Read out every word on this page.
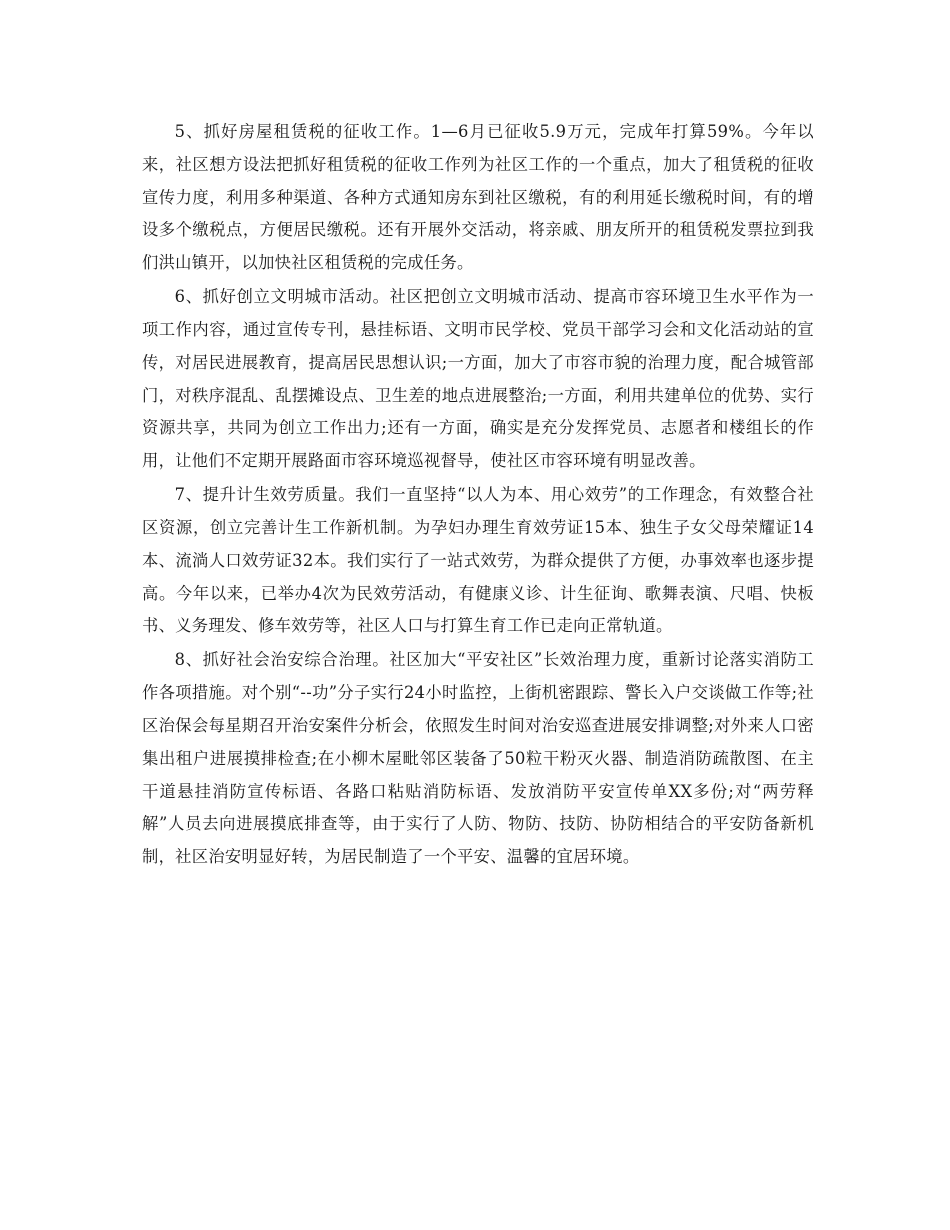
5、抓好房屋租赁税的征收工作。1—6月已征收5.9万元，完成年打算59%。今年以来，社区想方设法把抓好租赁税的征收工作列为社区工作的一个重点，加大了租赁税的征收宣传力度，利用多种渠道、各种方式通知房东到社区缴税，有的利用延长缴税时间，有的增设多个缴税点，方便居民缴税。还有开展外交活动，将亲戚、朋友所开的租赁税发票拉到我们洪山镇开，以加快社区租赁税的完成任务。

6、抓好创立文明城市活动。社区把创立文明城市活动、提高市容环境卫生水平作为一项工作内容，通过宣传专刊，悬挂标语、文明市民学校、党员干部学习会和文化活动站的宣传，对居民进展教育，提高居民思想认识;一方面，加大了市容市貌的治理力度，配合城管部门，对秩序混乱、乱摆摊设点、卫生差的地点进展整治;一方面，利用共建单位的优势、实行资源共享，共同为创立工作出力;还有一方面，确实是充分发挥党员、志愿者和楼组长的作用，让他们不定期开展路面市容环境巡视督导，使社区市容环境有明显改善。

7、提升计生效劳质量。我们一直坚持“以人为本、用心效劳”的工作理念，有效整合社区资源，创立完善计生工作新机制。为孕妇办理生育效劳证15本、独生子女父母荣耀证14本、流淌人口效劳证32本。我们实行了一站式效劳，为群众提供了方便，办事效率也逐步提高。今年以来，已举办4次为民效劳活动，有健康义诊、计生征询、歌舞表演、尺唱、快板书、义务理发、修车效劳等，社区人口与打算生育工作已走向正常轨道。

8、抓好社会治安综合治理。社区加大“平安社区”长效治理力度，重新讨论落实消防工作各项措施。对个别“--功”分子实行24小时监控，上街机密跟踪、警长入户交谈做工作等;社区治保会每星期召开治安案件分析会，依照发生时间对治安巡查进展安排调整;对外来人口密集出租户进展摸排检查;在小柳木屋毗邻区装备了50粒干粉灭火器、制造消防疏散图、在主干道悬挂消防宣传标语、各路口粘贴消防标语、发放消防平安宣传单XX多份;对“两劳释解”人员去向进展摸底排查等，由于实行了人防、物防、技防、协防相结合的平安防备新机制，社区治安明显好转，为居民制造了一个平安、温馨的宜居环境。
